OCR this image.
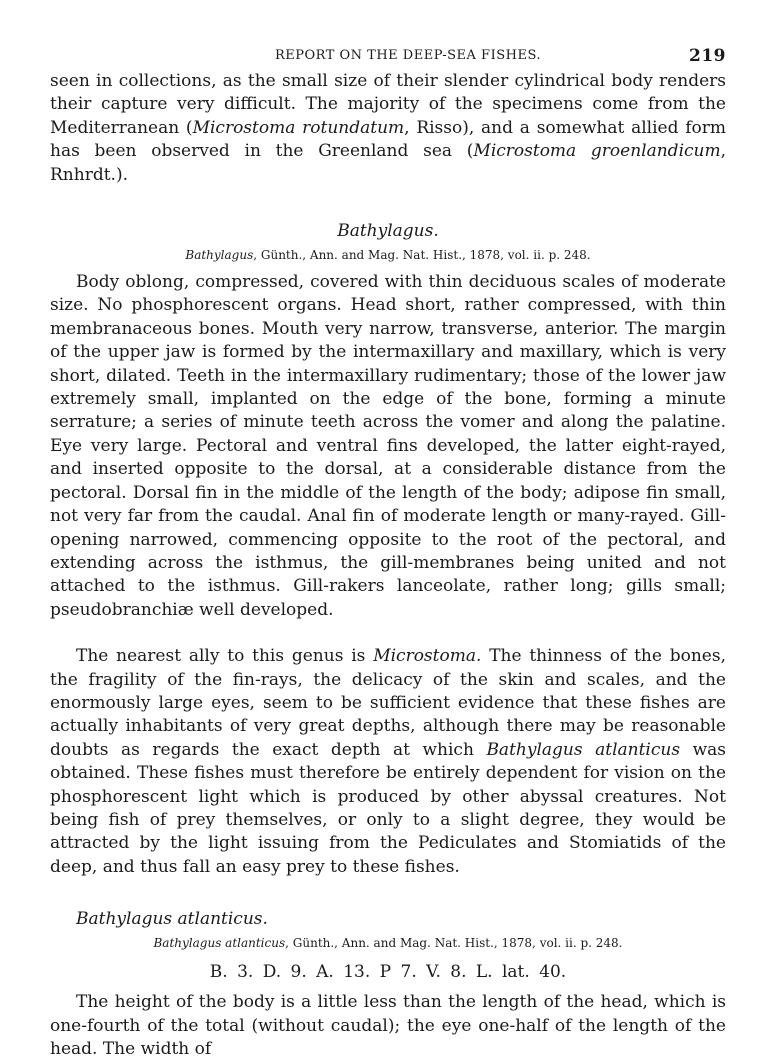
REPORT ON THE DEEP-SEA FISHES.	219

seen in collections, as the small size of their slender cylindrical body renders their capture very difficult. The majority of the specimens come from the Mediterranean (Microstoma rotundatum, Risso), and a somewhat allied form has been observed in the Greenland sea (Microstoma groenlandicum, Rnhrdt.).

Bathylagus.
Bathylagus, Günth., Ann. and Mag. Nat. Hist., 1878, vol. ii. p. 248.

Body oblong, compressed, covered with thin deciduous scales of moderate size. No phosphorescent organs. Head short, rather compressed, with thin membranaceous bones. Mouth very narrow, transverse, anterior. The margin of the upper jaw is formed by the intermaxillary and maxillary, which is very short, dilated. Teeth in the intermaxillary rudimentary; those of the lower jaw extremely small, implanted on the edge of the bone, forming a minute serrature; a series of minute teeth across the vomer and along the palatine. Eye very large. Pectoral and ventral fins developed, the latter eight-rayed, and inserted opposite to the dorsal, at a considerable distance from the pectoral. Dorsal fin in the middle of the length of the body; adipose fin small, not very far from the caudal. Anal fin of moderate length or many-rayed. Gill-opening narrowed, commencing opposite to the root of the pectoral, and extending across the isthmus, the gill-membranes being united and not attached to the isthmus. Gill-rakers lanceolate, rather long; gills small; pseudobranchiæ well developed.

The nearest ally to this genus is Microstoma. The thinness of the bones, the fragility of the fin-rays, the delicacy of the skin and scales, and the enormously large eyes, seem to be sufficient evidence that these fishes are actually inhabitants of very great depths, although there may be reasonable doubts as regards the exact depth at which Bathylagus atlanticus was obtained. These fishes must therefore be entirely dependent for vision on the phosphorescent light which is produced by other abyssal creatures. Not being fish of prey themselves, or only to a slight degree, they would be attracted by the light issuing from the Pediculates and Stomiatids of the deep, and thus fall an easy prey to these fishes.

Bathylagus atlanticus.
Bathylagus atlanticus, Günth., Ann. and Mag. Nat. Hist., 1878, vol. ii. p. 248.
B. 3. D. 9. A. 13. P 7. V. 8. L. lat. 40.

The height of the body is a little less than the length of the head, which is one-fourth of the total (without caudal); the eye one-half of the length of the head. The width of
